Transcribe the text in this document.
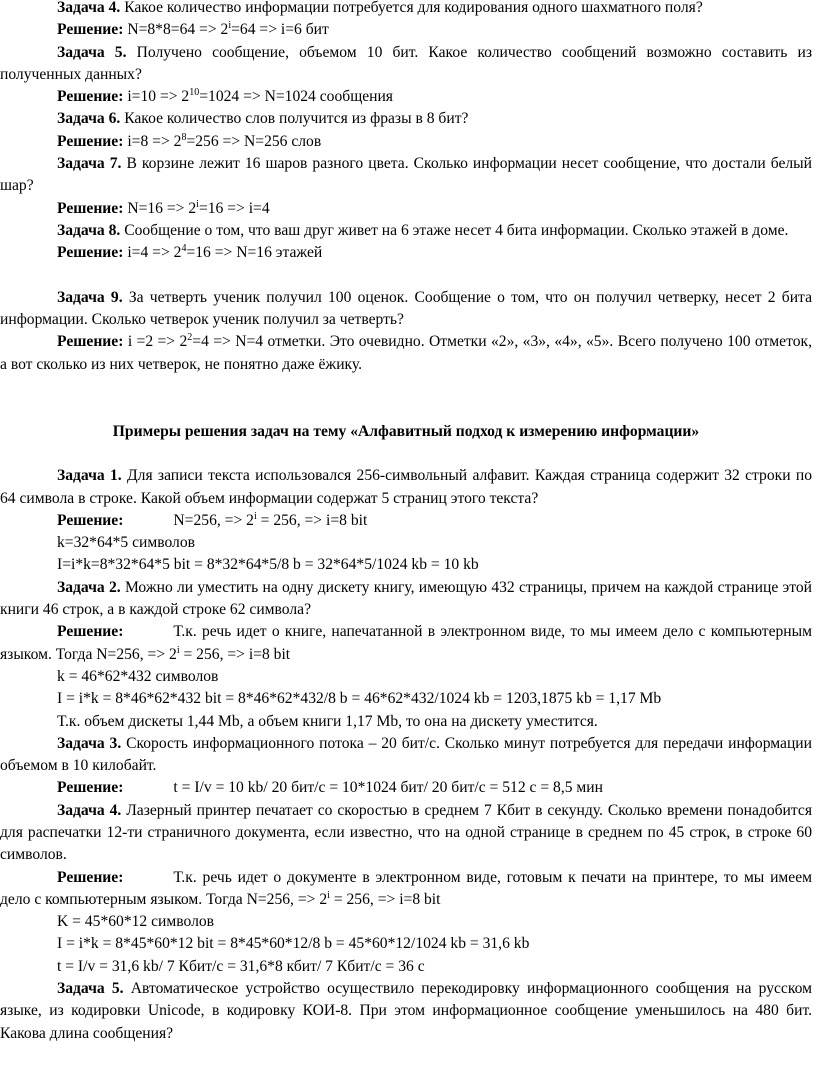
Задача 4. Какое количество информации потребуется для кодирования одного шахматного поля?

Решение: $N=8*8=64 => 2^i=64 => i=6$ бит

Задача 5. Получено сообщение, объемом 10 бит. Какое количество сообщений возможно составить из полученных данных?

Решение: $i=10 => 2^{10}=1024 => N=1024$ сообщения

Задача 6. Какое количество слов получится из фразы в 8 бит?

Решение: $i=8 => 2^8=256 => N=256$ слов

Задача 7. В корзине лежит 16 шаров разного цвета. Сколько информации несет сообщение, что достали белый шар?

Решение: $N=16 => 2^i=16 => i=4$

Задача 8. Сообщение о том, что ваш друг живет на 6 этаже несет 4 бита информации. Сколько этажей в доме.

Решение: $i=4 => 2^4=16 => N=16$ этажей

Задача 9. За четверть ученик получил 100 оценок. Сообщение о том, что он получил четверку, несет 2 бита информации. Сколько четверок ученик получил за четверть?

Решение: $i =2 => 2^2=4 => N=4$ отметки. Это очевидно. Отметки «2», «3», «4», «5». Всего получено 100 отметок, а вот сколько из них четверок, не понятно даже ёжику.

Примеры решения задач на тему «Алфавитный подход к измерению информации»

Задача 1. Для записи текста использовался 256-символьный алфавит. Каждая страница содержит 32 строки по 64 символа в строке. Какой объем информации содержат 5 страниц этого текста?

Решение:	N=256, => $2^i = 256$, => i=8 bit

k=32*64*5 символов

I=i*k=8*32*64*5 bit = 8*32*64*5/8 b = 32*64*5/1024 kb = 10 kb

Задача 2. Можно ли уместить на одну дискету книгу, имеющую 432 страницы, причем на каждой странице этой книги 46 строк, а в каждой строке 62 символа?

Решение:	Т.к. речь идет о книге, напечатанной в электронном виде, то мы имеем дело с компьютерным языком. Тогда N=256, => $2^i = 256$, => i=8 bit

k = 46*62*432 символов

I = i*k = 8*46*62*432 bit = 8*46*62*432/8 b = 46*62*432/1024 kb = 1203,1875 kb = 1,17 Mb

Т.к. объем дискеты 1,44 Mb, а объем книги 1,17 Mb, то она на дискету уместится.

Задача 3. Скорость информационного потока – 20 бит/с. Сколько минут потребуется для передачи информации объемом в 10 килобайт.

Решение:	t = I/v = 10 kb/ 20 бит/с = 10*1024 бит/ 20 бит/с = 512 с = 8,5 мин

Задача 4. Лазерный принтер печатает со скоростью в среднем 7 Кбит в секунду. Сколько времени понадобится для распечатки 12-ти страничного документа, если известно, что на одной странице в среднем по 45 строк, в строке 60 символов.

Решение:	Т.к. речь идет о документе в электронном виде, готовым к печати на принтере, то мы имеем дело с компьютерным языком. Тогда N=256, => $2^i = 256$, => i=8 bit

K = 45*60*12 символов

I = i*k = 8*45*60*12 bit = 8*45*60*12/8 b = 45*60*12/1024 kb = 31,6 kb

t = I/v = 31,6 kb/ 7 Кбит/с = 31,6*8 кбит/ 7 Кбит/с = 36 с

Задача 5. Автоматическое устройство осуществило перекодировку информационного сообщения на русском языке, из кодировки Unicode, в кодировку КОИ-8. При этом информационное сообщение уменьшилось на 480 бит. Какова длина сообщения?
